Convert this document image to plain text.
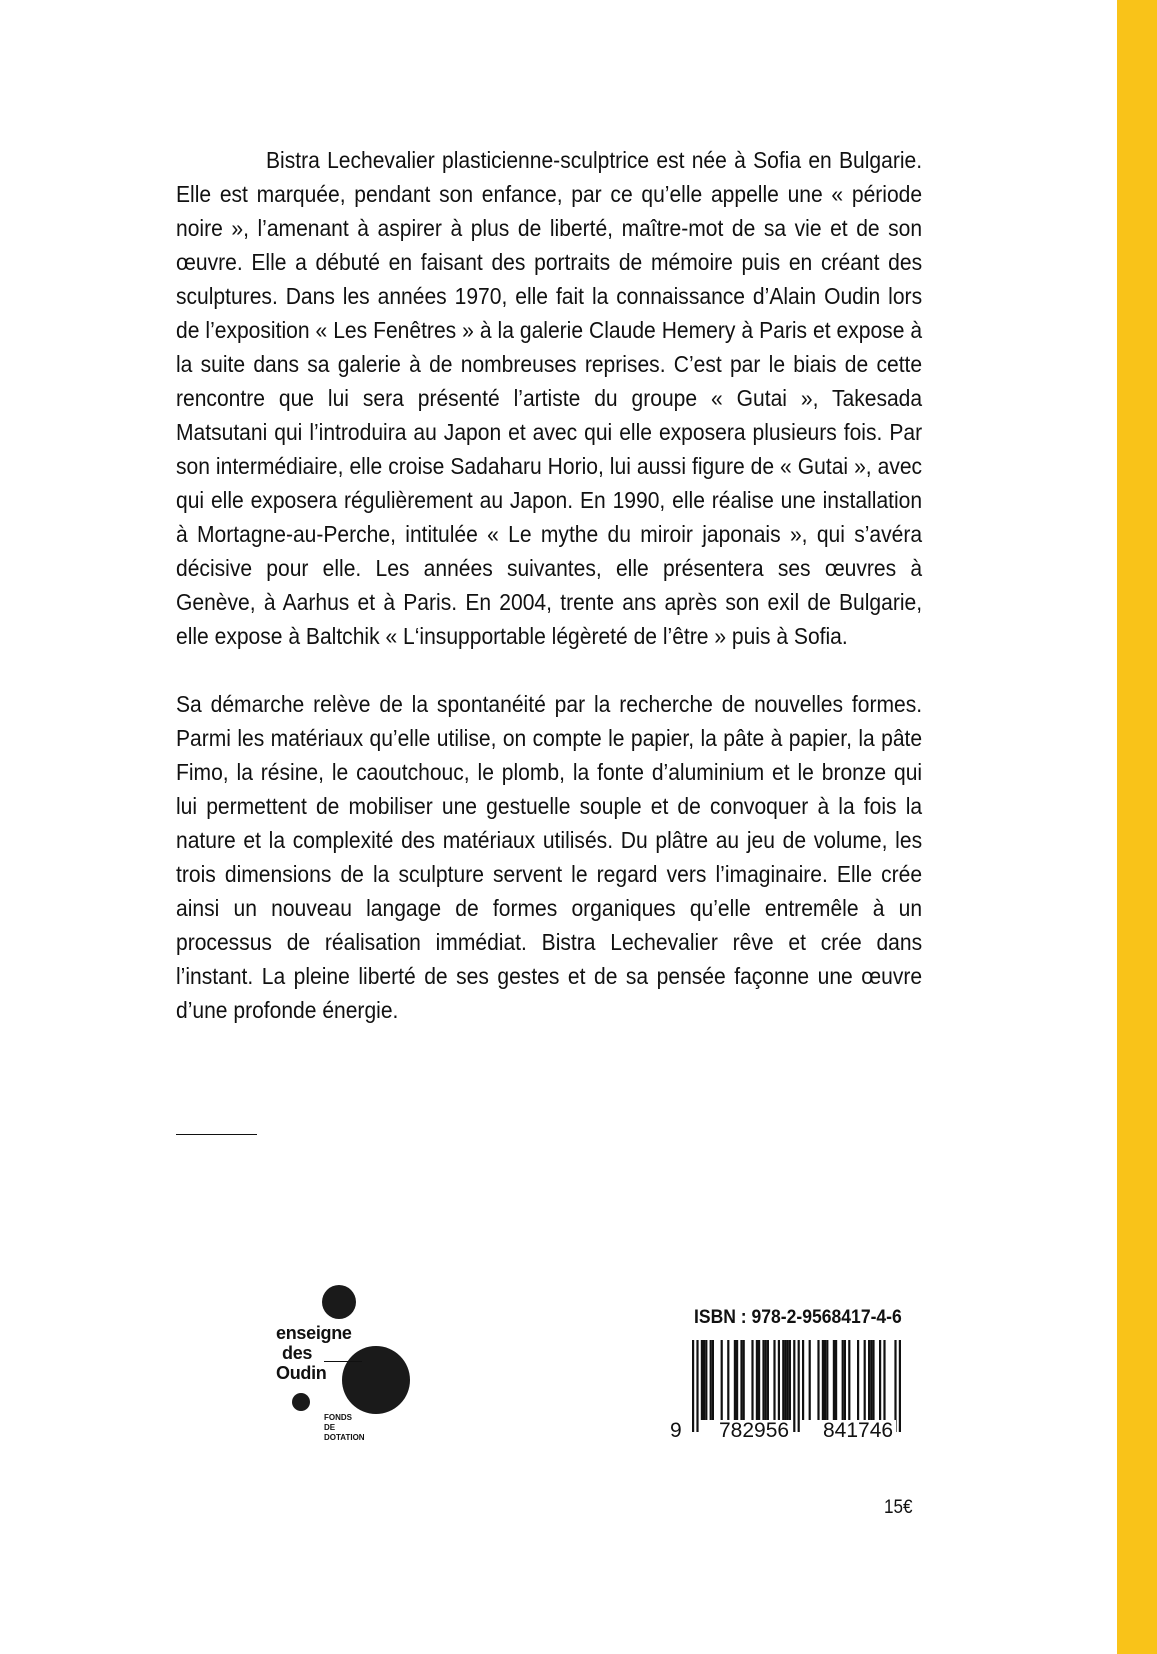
Bistra Lechevalier plasticienne-sculptrice est née à Sofia en Bulgarie. Elle est marquée, pendant son enfance, par ce qu’elle appelle une « période noire », l’amenant à aspirer à plus de liberté, maître-mot de sa vie et de son œuvre. Elle a débuté en faisant des portraits de mémoire puis en créant des sculptures. Dans les années 1970, elle fait la connaissance d’Alain Oudin lors de l’exposition « Les Fenêtres » à la galerie Claude Hemery à Paris et expose à la suite dans sa galerie à de nombreuses reprises. C’est par le biais de cette rencontre que lui sera présenté l’artiste du groupe « Gutai », Takesada Matsutani qui l’introduira au Japon et avec qui elle exposera plusieurs fois. Par son intermédiaire, elle croise Sadaharu Horio, lui aussi figure de « Gutai », avec qui elle exposera régulièrement au Japon. En 1990, elle réalise une installation à Mortagne-au-Perche, intitulée « Le mythe du miroir japonais », qui s’avéra décisive pour elle. Les années suivantes, elle présentera ses œuvres à Genève, à Aarhus et à Paris. En 2004, trente ans après son exil de Bulgarie, elle expose à Baltchik « L‘insupportable légèreté de l’être » puis à Sofia.

Sa démarche relève de la spontanéité par la recherche de nouvelles formes. Parmi les matériaux qu’elle utilise, on compte le papier, la pâte à papier, la pâte Fimo, la résine, le caoutchouc, le plomb, la fonte d’aluminium et le bronze qui lui permettent de mobiliser une gestuelle souple et de convoquer à la fois la nature et la complexité des matériaux utilisés. Du plâtre au jeu de volume, les trois dimensions de la sculpture servent le regard vers l’imaginaire. Elle crée ainsi un nouveau langage de formes organiques qu’elle entremêle à un processus de réalisation immédiat. Bistra Lechevalier rêve et crée dans l’instant. La pleine liberté de ses gestes et de sa pensée façonne une œuvre d’une profonde énergie.

enseigne
des
Oudin
FONDS
DE
DOTATION
ISBN : 978-2-9568417-4-6
9 782956 841746
15€
